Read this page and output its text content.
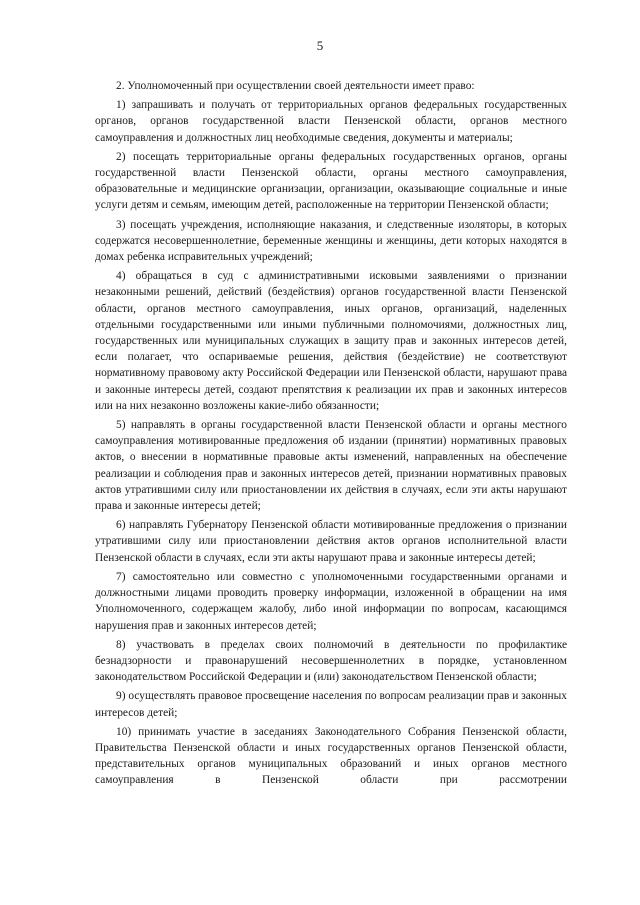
5

2. Уполномоченный при осуществлении своей деятельности имеет право:

1) запрашивать и получать от территориальных органов федеральных государственных органов, органов государственной власти Пензенской области, органов местного самоуправления и должностных лиц необходимые сведения, документы и материалы;

2) посещать территориальные органы федеральных государственных органов, органы государственной власти Пензенской области, органы местного самоуправления, образовательные и медицинские организации, организации, оказывающие социальные и иные услуги детям и семьям, имеющим детей, расположенные на территории Пензенской области;

3) посещать учреждения, исполняющие наказания, и следственные изоляторы, в которых содержатся несовершеннолетние, беременные женщины и женщины, дети которых находятся в домах ребенка исправительных учреждений;

4) обращаться в суд с административными исковыми заявлениями о признании незаконными решений, действий (бездействия) органов государственной власти Пензенской области, органов местного самоуправления, иных органов, организаций, наделенных отдельными государственными или иными публичными полномочиями, должностных лиц, государственных или муниципальных служащих в защиту прав и законных интересов детей, если полагает, что оспариваемые решения, действия (бездействие) не соответствуют нормативному правовому акту Российской Федерации или Пензенской области, нарушают права и законные интересы детей, создают препятствия к реализации их прав и законных интересов или на них незаконно возложены какие-либо обязанности;

5) направлять в органы государственной власти Пензенской области и органы местного самоуправления мотивированные предложения об издании (принятии) нормативных правовых актов, о внесении в нормативные правовые акты изменений, направленных на обеспечение реализации и соблюдения прав и законных интересов детей, признании нормативных правовых актов утратившими силу или приостановлении их действия в случаях, если эти акты нарушают права и законные интересы детей;

6) направлять Губернатору Пензенской области мотивированные предложения о признании утратившими силу или приостановлении действия актов органов исполнительной власти Пензенской области в случаях, если эти акты нарушают права и законные интересы детей;

7) самостоятельно или совместно с уполномоченными государственными органами и должностными лицами проводить проверку информации, изложенной в обращении на имя Уполномоченного, содержащем жалобу, либо иной информации по вопросам, касающимся нарушения прав и законных интересов детей;

8) участвовать в пределах своих полномочий в деятельности по профилактике безнадзорности и правонарушений несовершеннолетних в порядке, установленном законодательством Российской Федерации и (или) законодательством Пензенской области;

9) осуществлять правовое просвещение населения по вопросам реализации прав и законных интересов детей;

10) принимать участие в заседаниях Законодательного Собрания Пензенской области, Правительства Пензенской области и иных государственных органов Пензенской области, представительных органов муниципальных образований и иных органов местного самоуправления в Пензенской области при рассмотрении
